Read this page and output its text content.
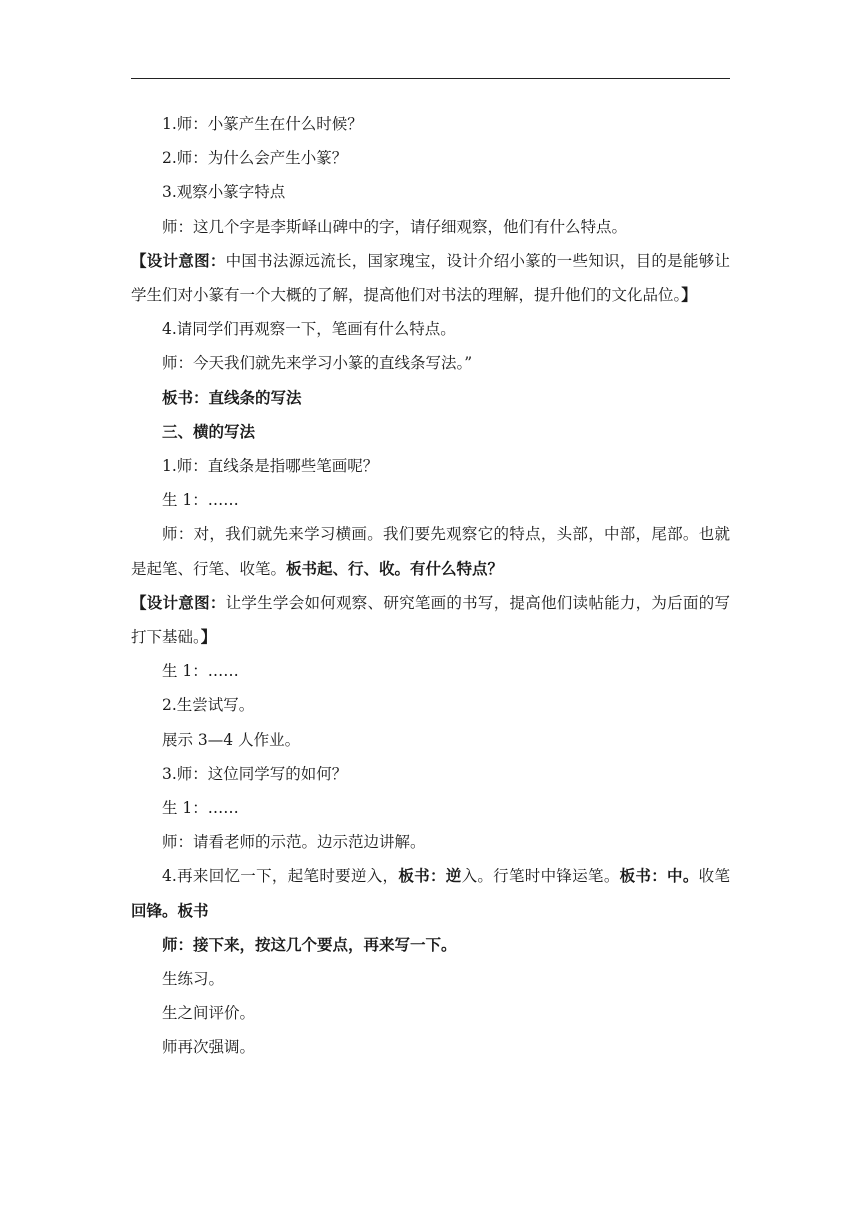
1.师：小篆产生在什么时候？

2.师：为什么会产生小篆？

3.观察小篆字特点

师：这几个字是李斯峄山碑中的字，请仔细观察，他们有什么特点。

【设计意图：中国书法源远流长，国家瑰宝，设计介绍小篆的一些知识，目的是能够让学生们对小篆有一个大概的了解，提高他们对书法的理解，提升他们的文化品位。】

4.请同学们再观察一下，笔画有什么特点。

师：今天我们就先来学习小篆的直线条写法。”

板书：直线条的写法

三、横的写法

1.师：直线条是指哪些笔画呢？

生 1：……

师：对，我们就先来学习横画。我们要先观察它的特点，头部，中部，尾部。也就是起笔、行笔、收笔。板书起、行、收。有什么特点？

【设计意图：让学生学会如何观察、研究笔画的书写，提高他们读帖能力，为后面的写打下基础。】

生 1：……

2.生尝试写。

展示 3—4 人作业。

3.师：这位同学写的如何？

生 1：……

师：请看老师的示范。边示范边讲解。

4.再来回忆一下，起笔时要逆入，板书：逆入。行笔时中锋运笔。板书：中。收笔回锋。板书

师：接下来，按这几个要点，再来写一下。

生练习。

生之间评价。

师再次强调。
